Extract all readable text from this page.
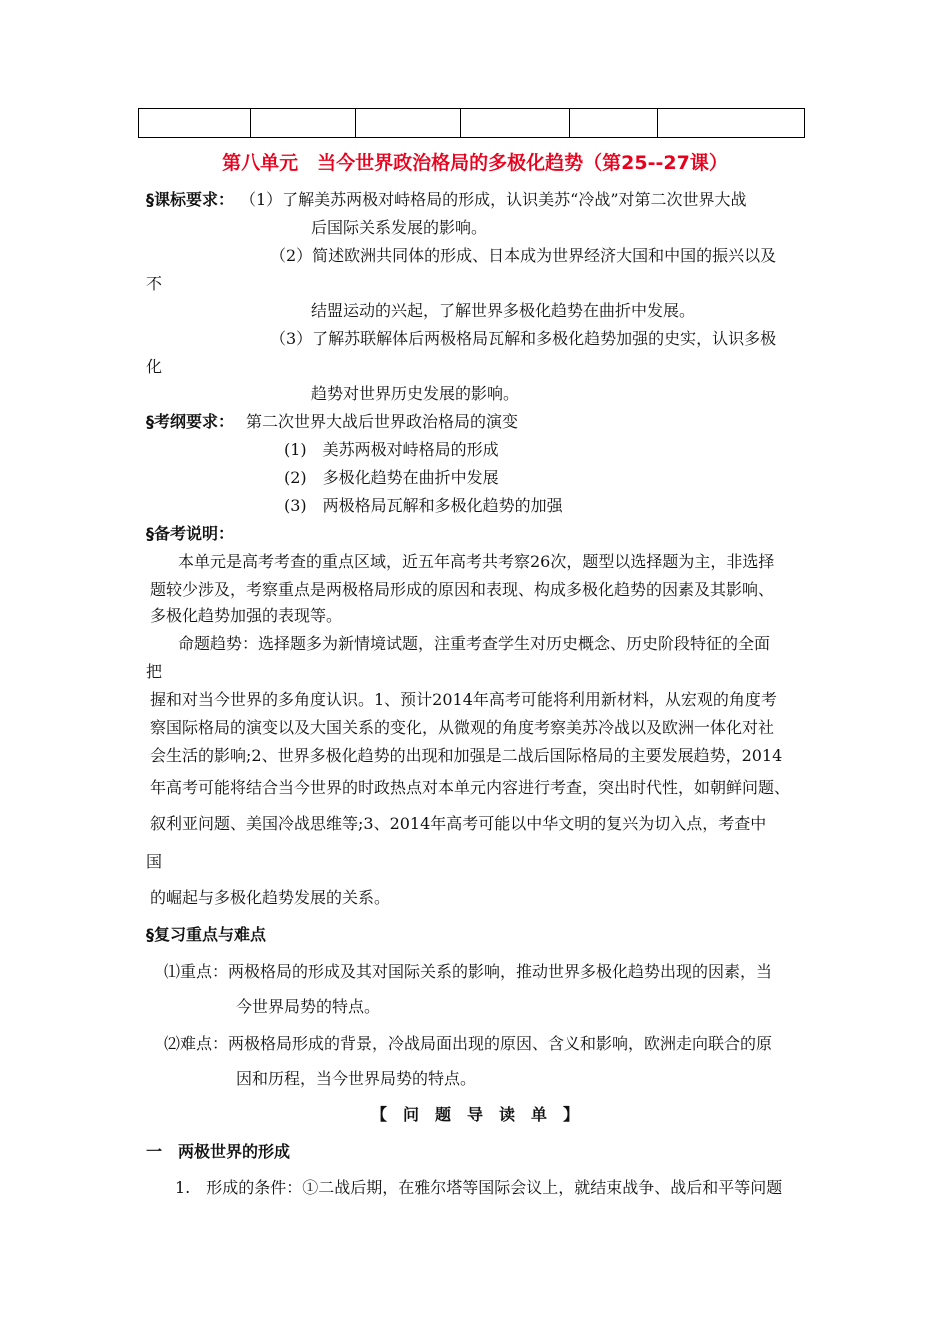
第八单元　当今世界政治格局的多极化趋势（第25--27课）
§课标要求： （1）了解美苏两极对峙格局的形成，认识美苏“冷战”对第二次世界大战
后国际关系发展的影响。
（2）简述欧洲共同体的形成、日本成为世界经济大国和中国的振兴以及
不
结盟运动的兴起，了解世界多极化趋势在曲折中发展。
（3）了解苏联解体后两极格局瓦解和多极化趋势加强的史实，认识多极
化
趋势对世界历史发展的影响。
§考纲要求： 第二次世界大战后世界政治格局的演变
(1)　美苏两极对峙格局的形成
(2)　多极化趋势在曲折中发展
(3)　两极格局瓦解和多极化趋势的加强
§备考说明：
本单元是高考考查的重点区域，近五年高考共考察26次，题型以选择题为主，非选择
题较少涉及，考察重点是两极格局形成的原因和表现、构成多极化趋势的因素及其影响、
多极化趋势加强的表现等。
命题趋势：选择题多为新情境试题，注重考查学生对历史概念、历史阶段特征的全面
把
握和对当今世界的多角度认识。1、预计2014年高考可能将利用新材料，从宏观的角度考
察国际格局的演变以及大国关系的变化，从微观的角度考察美苏冷战以及欧洲一体化对社
会生活的影响;2、世界多极化趋势的出现和加强是二战后国际格局的主要发展趋势，2014
年高考可能将结合当今世界的时政热点对本单元内容进行考查，突出时代性，如朝鲜问题、
叙利亚问题、美国冷战思维等;3、2014年高考可能以中华文明的复兴为切入点，考查中
国
的崛起与多极化趋势发展的关系。
§复习重点与难点
⑴重点：两极格局的形成及其对国际关系的影响，推动世界多极化趋势出现的因素，当
今世界局势的特点。
⑵难点：两极格局形成的背景，冷战局面出现的原因、含义和影响，欧洲走向联合的原
因和历程，当今世界局势的特点。
【　问　题　导　读　单　】
一　两极世界的形成
1.　形成的条件：①二战后期，在雅尔塔等国际会议上，就结束战争、战后和平等问题
